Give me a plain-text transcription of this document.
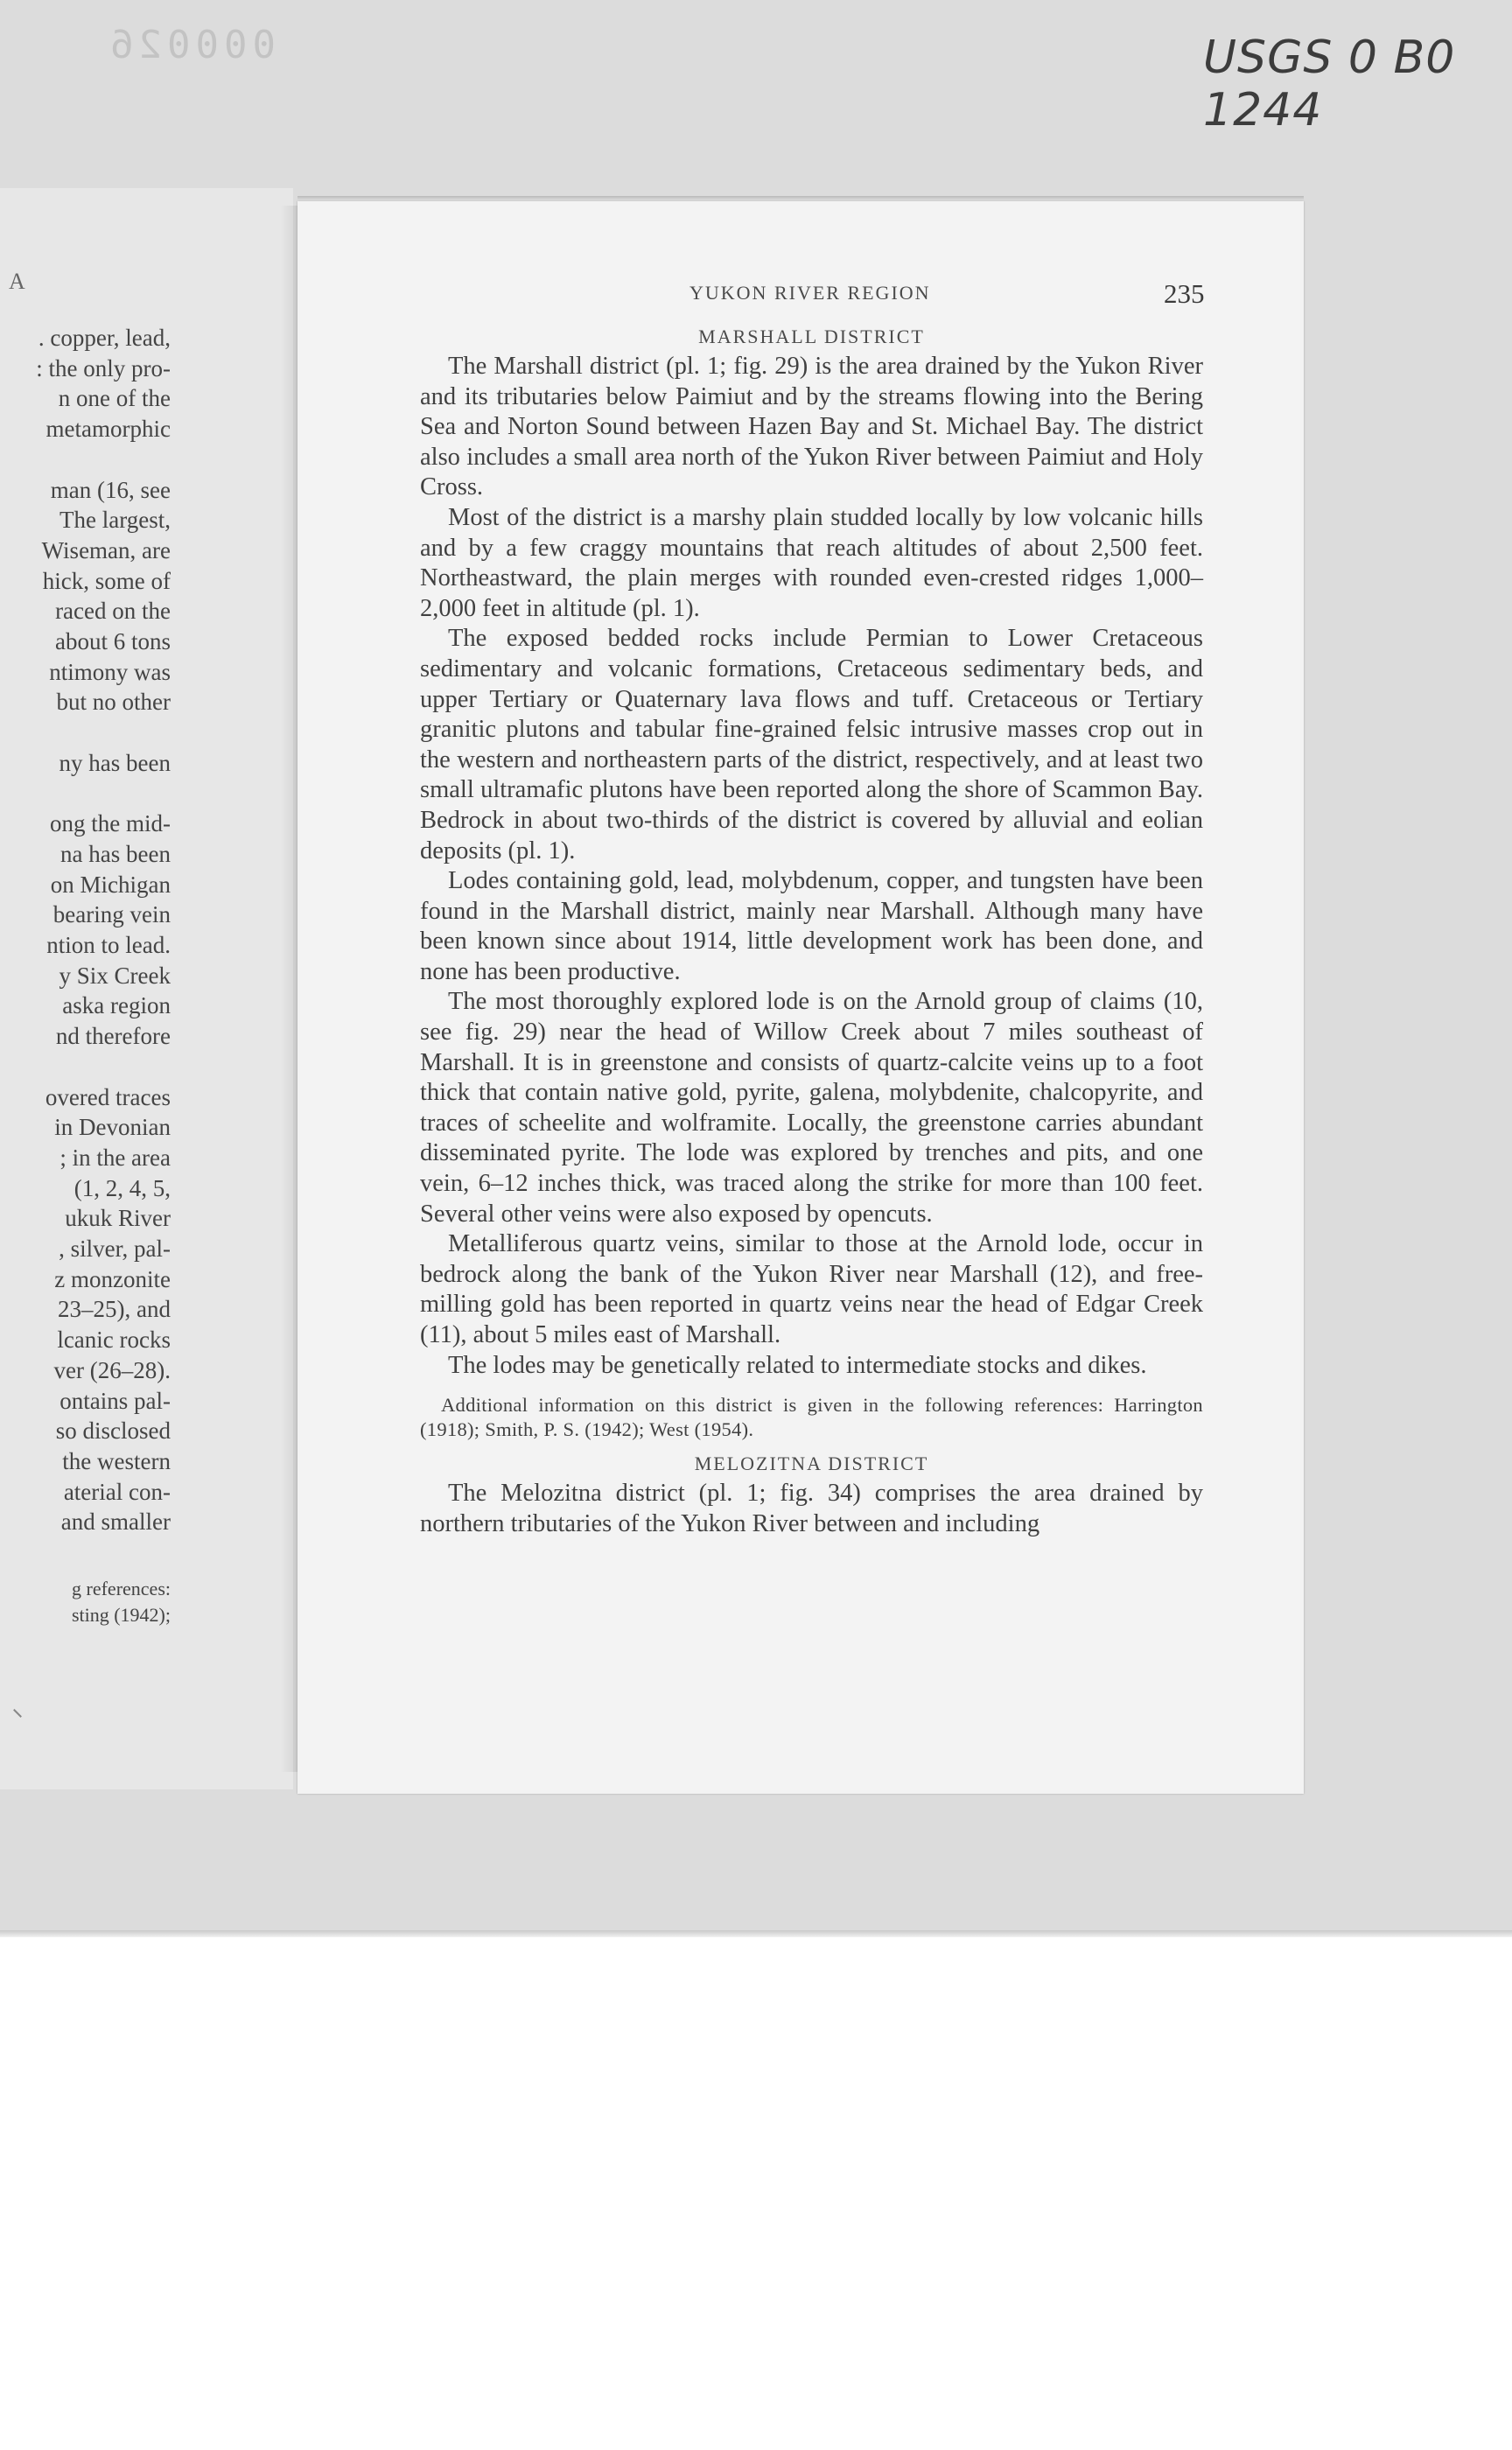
000026	USGS 0 B0 1244
A
. copper, lead,
: the only pro-
n one of the
metamorphic
man (16, see
The largest,
Wiseman, are
hick, some of
raced on the
about 6 tons
ntimony was
but no other
ny has been
ong the mid-
na has been
on Michigan
bearing vein
ntion to lead.
y Six Creek
aska region
nd therefore
overed traces
in Devonian
; in the area
(1, 2, 4, 5,
ukuk River
, silver, pal-
z monzonite
23–25), and
lcanic rocks
ver (26–28).
ontains pal-
so disclosed
the western
aterial con-
and smaller
g references:
sting (1942);
YUKON RIVER REGION	235
MARSHALL DISTRICT

The Marshall district (pl. 1; fig. 29) is the area drained by the Yukon River and its tributaries below Paimiut and by the streams flowing into the Bering Sea and Norton Sound between Hazen Bay and St. Michael Bay. The district also includes a small area north of the Yukon River between Paimiut and Holy Cross.

Most of the district is a marshy plain studded locally by low volcanic hills and by a few craggy mountains that reach altitudes of about 2,500 feet. Northeastward, the plain merges with rounded even-crested ridges 1,000–2,000 feet in altitude (pl. 1).

The exposed bedded rocks include Permian to Lower Cretaceous sedimentary and volcanic formations, Cretaceous sedimentary beds, and upper Tertiary or Quaternary lava flows and tuff. Cretaceous or Tertiary granitic plutons and tabular fine-grained felsic intrusive masses crop out in the western and northeastern parts of the district, respectively, and at least two small ultramafic plutons have been reported along the shore of Scammon Bay. Bedrock in about two-thirds of the district is covered by alluvial and eolian deposits (pl. 1).

Lodes containing gold, lead, molybdenum, copper, and tungsten have been found in the Marshall district, mainly near Marshall. Although many have been known since about 1914, little development work has been done, and none has been productive.

The most thoroughly explored lode is on the Arnold group of claims (10, see fig. 29) near the head of Willow Creek about 7 miles southeast of Marshall. It is in greenstone and consists of quartz-calcite veins up to a foot thick that contain native gold, pyrite, galena, molybdenite, chalcopyrite, and traces of scheelite and wolframite. Locally, the greenstone carries abundant disseminated pyrite. The lode was explored by trenches and pits, and one vein, 6–12 inches thick, was traced along the strike for more than 100 feet. Several other veins were also exposed by opencuts.

Metalliferous quartz veins, similar to those at the Arnold lode, occur in bedrock along the bank of the Yukon River near Marshall (12), and free-milling gold has been reported in quartz veins near the head of Edgar Creek (11), about 5 miles east of Marshall.

The lodes may be genetically related to intermediate stocks and dikes.

Additional information on this district is given in the following references: Harrington (1918); Smith, P. S. (1942); West (1954).

MELOZITNA DISTRICT

The Melozitna district (pl. 1; fig. 34) comprises the area drained by northern tributaries of the Yukon River between and including
